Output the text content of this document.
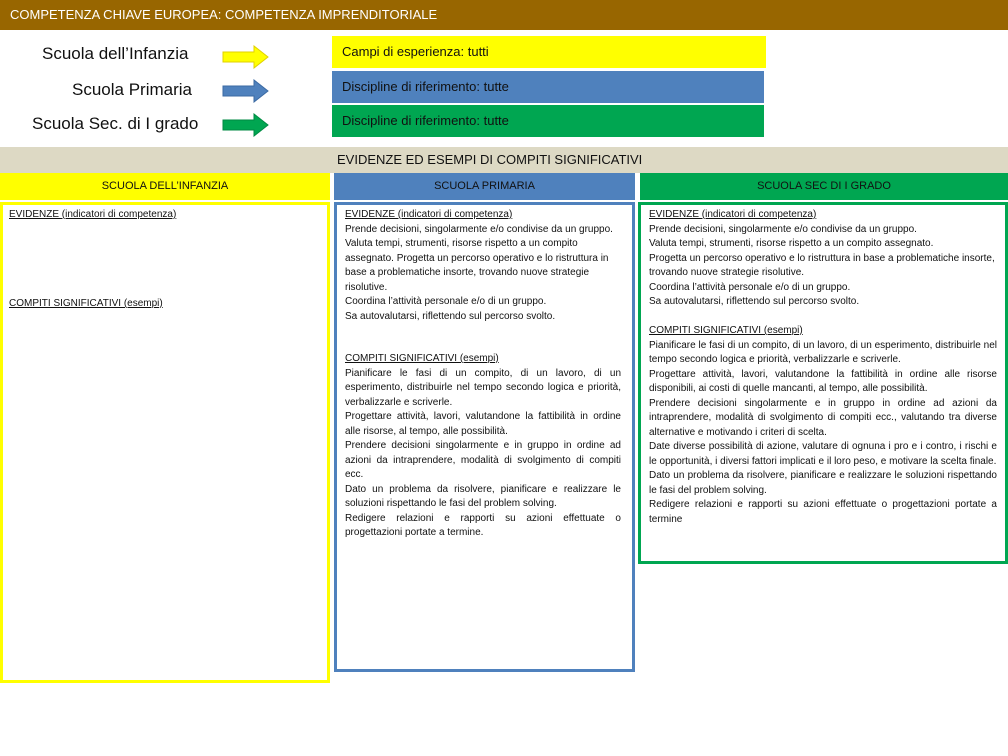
COMPETENZA CHIAVE EUROPEA: COMPETENZA IMPRENDITORIALE
Scuola dell’Infanzia
Scuola Primaria
Scuola Sec. di I grado
Campi di esperienza: tutti
Discipline di riferimento: tutte
Discipline di riferimento: tutte
EVIDENZE ED ESEMPI DI COMPITI SIGNIFICATIVI
SCUOLA DELL’INFANZIA	SCUOLA PRIMARIA	SCUOLA SEC DI I GRADO
EVIDENZE (indicatori di competenza)
COMPITI SIGNIFICATIVI (esempi)

EVIDENZE (indicatori di competenza)

Prende decisioni, singolarmente e/o condivise da un gruppo.

Valuta tempi, strumenti, risorse rispetto a un compito assegnato. Progetta un percorso operativo e lo ristruttura in base a problematiche insorte, trovando nuove strategie risolutive.

Coordina l’attività personale e/o di un gruppo.

Sa autovalutarsi, riflettendo sul percorso svolto.

COMPITI SIGNIFICATIVI (esempi)

Pianificare le fasi di un compito, di un lavoro, di un esperimento, distribuirle nel tempo secondo logica e priorità, verbalizzarle e scriverle.

Progettare attività, lavori, valutandone la fattibilità in ordine alle risorse, al tempo, alle possibilità.

Prendere decisioni singolarmente e in gruppo in ordine ad azioni da intraprendere, modalità di svolgimento di compiti ecc.

Dato un problema da risolvere, pianificare e realizzare le soluzioni rispettando le fasi del problem solving.

Redigere relazioni e rapporti su azioni effettuate o progettazioni portate a termine.

EVIDENZE (indicatori di competenza)

Prende decisioni, singolarmente e/o condivise da un gruppo.

Valuta tempi, strumenti, risorse rispetto a un compito assegnato.

Progetta un percorso operativo e lo ristruttura in base a problematiche insorte, trovando nuove strategie risolutive.

Coordina l’attività personale e/o di un gruppo.

Sa autovalutarsi, riflettendo sul percorso svolto.

COMPITI SIGNIFICATIVI (esempi)

Pianificare le fasi di un compito, di un lavoro, di un esperimento, distribuirle nel tempo secondo logica e priorità, verbalizzarle e scriverle.

Progettare attività, lavori, valutandone la fattibilità in ordine alle risorse disponibili, ai costi di quelle mancanti, al tempo, alle possibilità.

Prendere decisioni singolarmente e in gruppo in ordine ad azioni da intraprendere, modalità di svolgimento di compiti ecc., valutando tra diverse alternative e motivando i criteri di scelta.

Date diverse possibilità di azione, valutare di ognuna i pro e i contro, i rischi e le opportunità, i diversi fattori implicati e il loro peso, e motivare la scelta finale.

Dato un problema da risolvere, pianificare e realizzare le soluzioni rispettando le fasi del problem solving.

Redigere relazioni e rapporti su azioni effettuate o progettazioni portate a termine
